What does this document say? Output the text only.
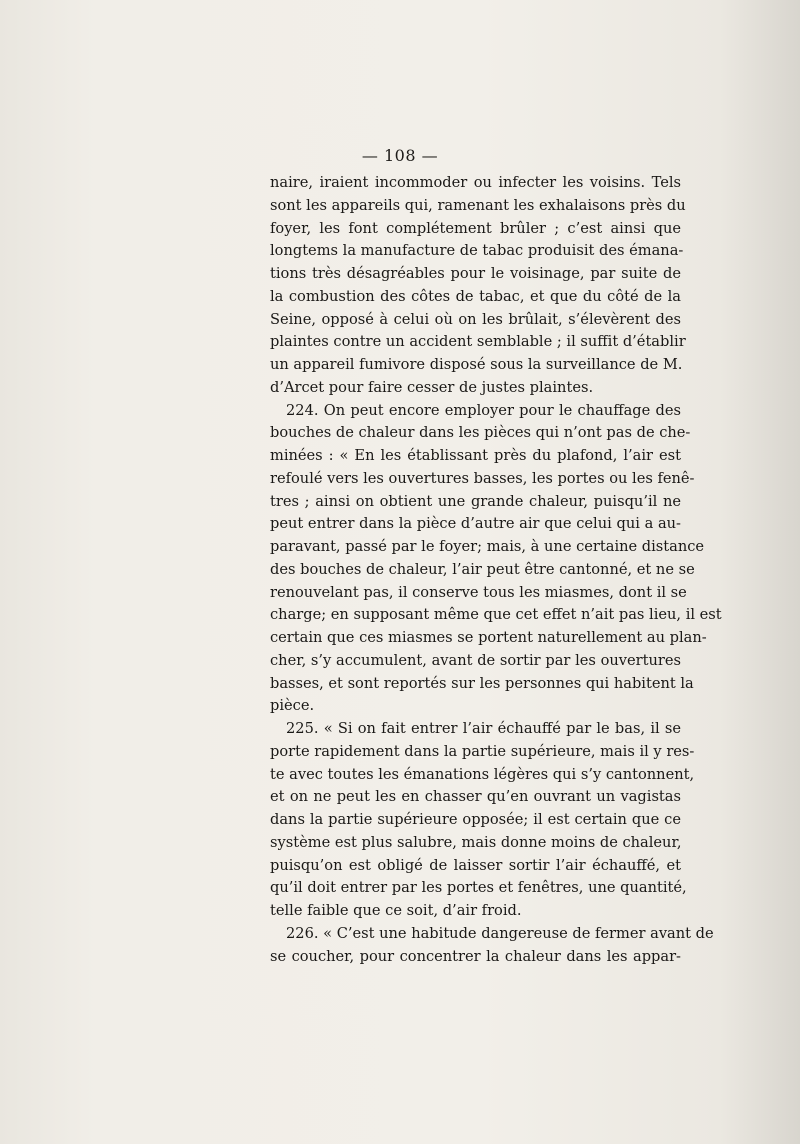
— 108 —
naire, iraient incommoder ou infecter les voisins. Tels
sont les appareils qui, ramenant les exhalaisons près du
foyer, les font complétement brûler ; c’est ainsi que
longtems la manufacture de tabac produisit des émana-
tions très désagréables pour le voisinage, par suite de
la combustion des côtes de tabac, et que du côté de la
Seine, opposé à celui où on les brûlait, s’élevèrent des
plaintes contre un accident semblable ; il suffit d’établir
un appareil fumivore disposé sous la surveillance de M.
d’Arcet pour faire cesser de justes plaintes.
224. On peut encore employer pour le chauffage des
bouches de chaleur dans les pièces qui n’ont pas de che-
minées : « En les établissant près du plafond, l’air est
refoulé vers les ouvertures basses, les portes ou les fenê-
tres ; ainsi on obtient une grande chaleur, puisqu’il ne
peut entrer dans la pièce d’autre air que celui qui a au-
paravant, passé par le foyer; mais, à une certaine distance
des bouches de chaleur, l’air peut être cantonné, et ne se
renouvelant pas, il conserve tous les miasmes, dont il se
charge; en supposant même que cet effet n’ait pas lieu, il est
certain que ces miasmes se portent naturellement au plan-
cher, s’y accumulent, avant de sortir par les ouvertures
basses, et sont reportés sur les personnes qui habitent la
pièce.
225. « Si on fait entrer l’air échauffé par le bas, il se
porte rapidement dans la partie supérieure, mais il y res-
te avec toutes les émanations légères qui s’y cantonnent,
et on ne peut les en chasser qu’en ouvrant un vagistas
dans la partie supérieure opposée; il est certain que ce
système est plus salubre, mais donne moins de chaleur,
puisqu’on est obligé de laisser sortir l’air échauffé, et
qu’il doit entrer par les portes et fenêtres, une quantité,
telle faible que ce soit, d’air froid.
226. « C’est une habitude dangereuse de fermer avant de
se coucher, pour concentrer la chaleur dans les appar-
